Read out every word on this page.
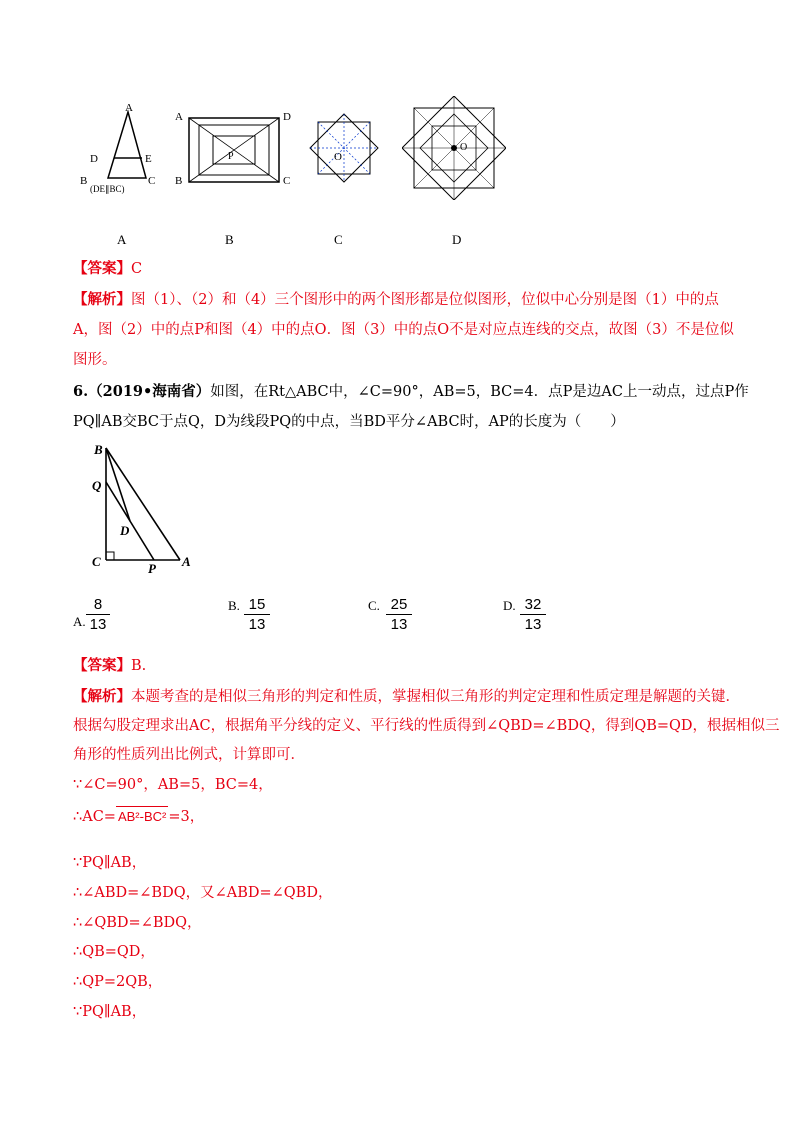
A
D	E
B	C
(DE∥BC)
A	D
B	C
P	O
O
A	B	C	D
【答案】C
【解析】图（1）、（2）和（4）三个图形中的两个图形都是位似图形，位似中心分别是图（1）中的点
A，图（2）中的点P和图（4）中的点O．图（3）中的点O不是对应点连线的交点，故图（3）不是位似
图形。
6.（2019•海南省）如图，在Rt△ABC中，∠C=90°，AB=5，BC=4．点P是边AC上一动点，过点P作
PQ∥AB交BC于点Q，D为线段PQ的中点，当BD平分∠ABC时，AP的长度为（　　）
B
Q
D
C	P A
A.
8
13
B. 15
13
C. 25
13
D. 32
13
【答案】B.
【解析】本题考查的是相似三角形的判定和性质，掌握相似三角形的判定定理和性质定理是解题的关键．
根据勾股定理求出AC，根据角平分线的定义、平行线的性质得到∠QBD=∠BDQ，得到QB=QD，根据相似三
角形的性质列出比例式，计算即可．
∵∠C=90°，AB=5，BC=4，
∴AC= AB²-BC² =3，
∵PQ∥AB，
∴∠ABD=∠BDQ，又∠ABD=∠QBD，
∴∠QBD=∠BDQ，
∴QB=QD，
∴QP=2QB，
∵PQ∥AB，
